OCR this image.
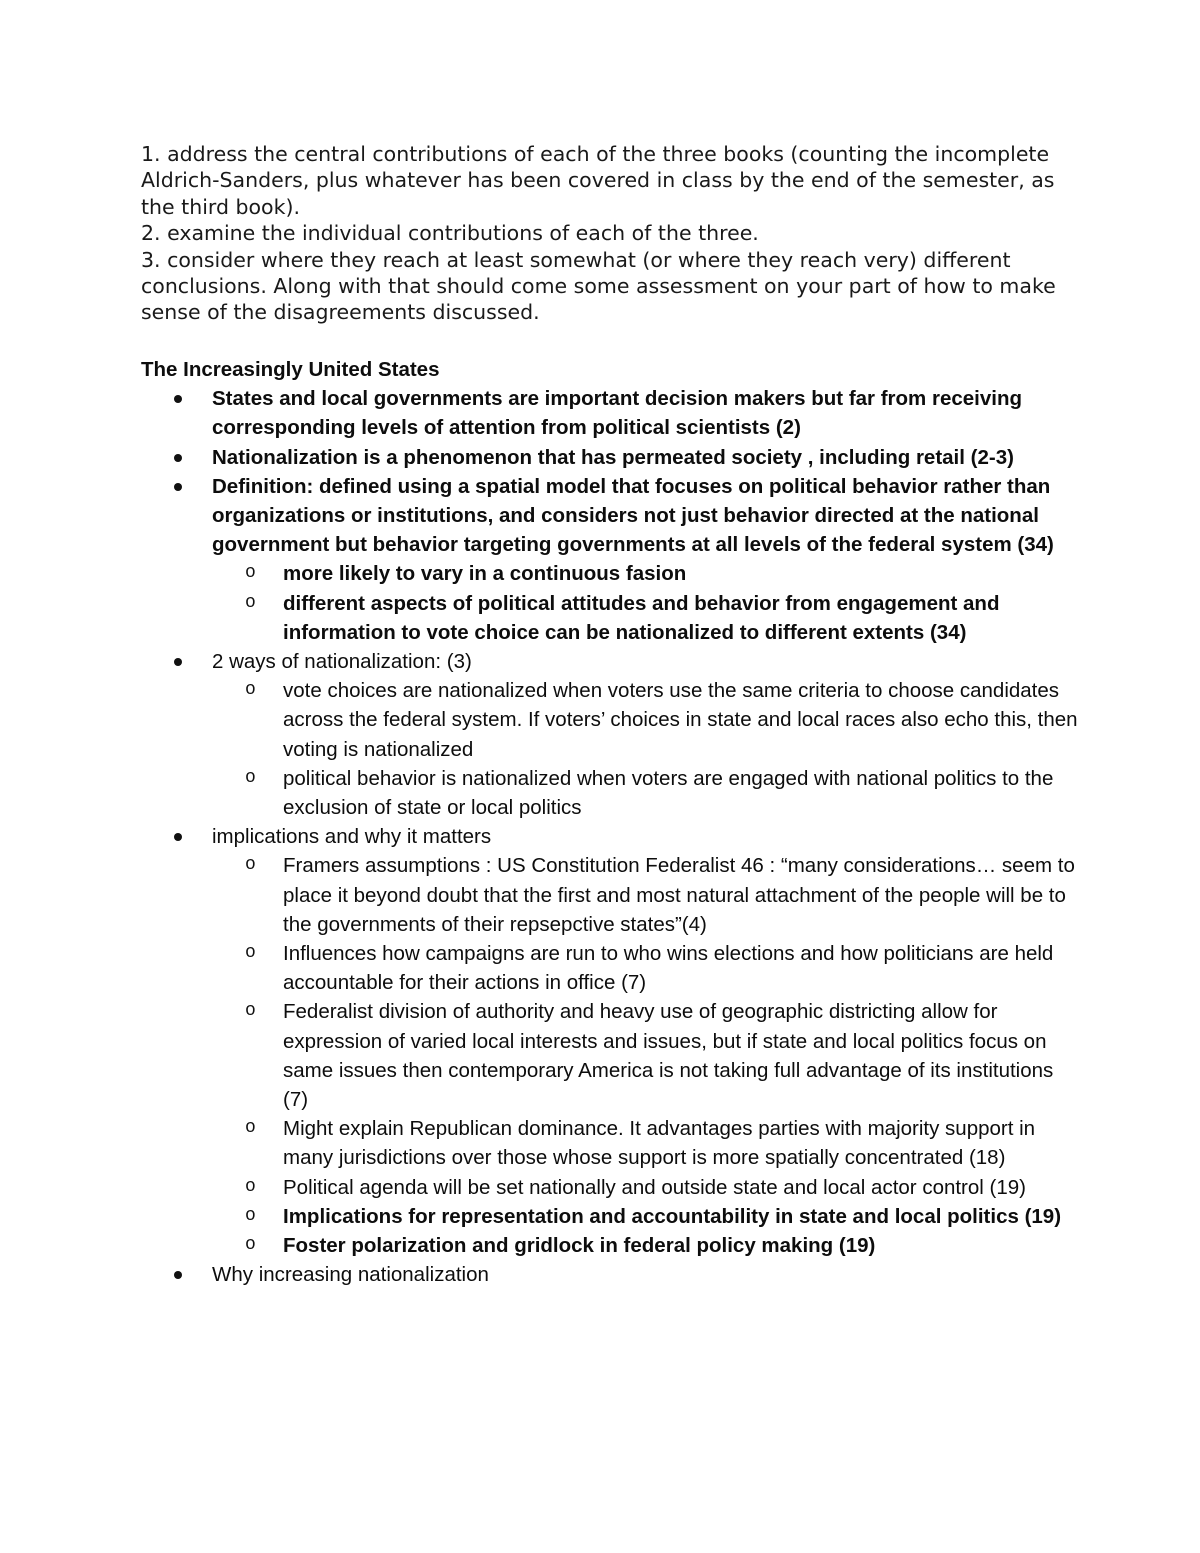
1. address the central contributions of each of the three books (counting the incomplete Aldrich-Sanders, plus whatever has been covered in class by the end of the semester, as the third book).

2. examine the individual contributions of each of the three.

3. consider where they reach at least somewhat (or where they reach very) different conclusions. Along with that should come some assessment on your part of how to make sense of the disagreements discussed.

The Increasingly United States

States and local governments are important decision makers but far from receiving corresponding levels of attention from political scientists (2)
Nationalization is a phenomenon that has permeated society , including retail (2-3)
Definition: defined using a spatial model that focuses on political behavior rather than organizations or institutions, and considers not just behavior directed at the national government but behavior targeting governments at all levels of the federal system (34)
o more likely to vary in a continuous fasion
o different aspects of political attitudes and behavior from engagement and information to vote choice can be nationalized to different extents (34)
2 ways of nationalization: (3)
o vote choices are nationalized when voters use the same criteria to choose candidates across the federal system. If voters’ choices in state and local races also echo this, then voting is nationalized
o political behavior is nationalized when voters are engaged with national politics to the exclusion of state or local politics
implications and why it matters
o Framers assumptions : US Constitution Federalist 46 : “many considerations… seem to place it beyond doubt that the first and most natural attachment of the people will be to the governments of their repsepctive states”(4)
o Influences how campaigns are run to who wins elections and how politicians are held accountable for their actions in office (7)
o Federalist division of authority and heavy use of geographic districting allow for expression of varied local interests and issues, but if state and local politics focus on same issues then contemporary America is not taking full advantage of its institutions (7)
o Might explain Republican dominance. It advantages parties with majority support in many jurisdictions over those whose support is more spatially concentrated (18)
o Political agenda will be set nationally and outside state and local actor control (19)
o Implications for representation and accountability in state and local politics (19)
o Foster polarization and gridlock in federal policy making (19)
Why increasing nationalization
